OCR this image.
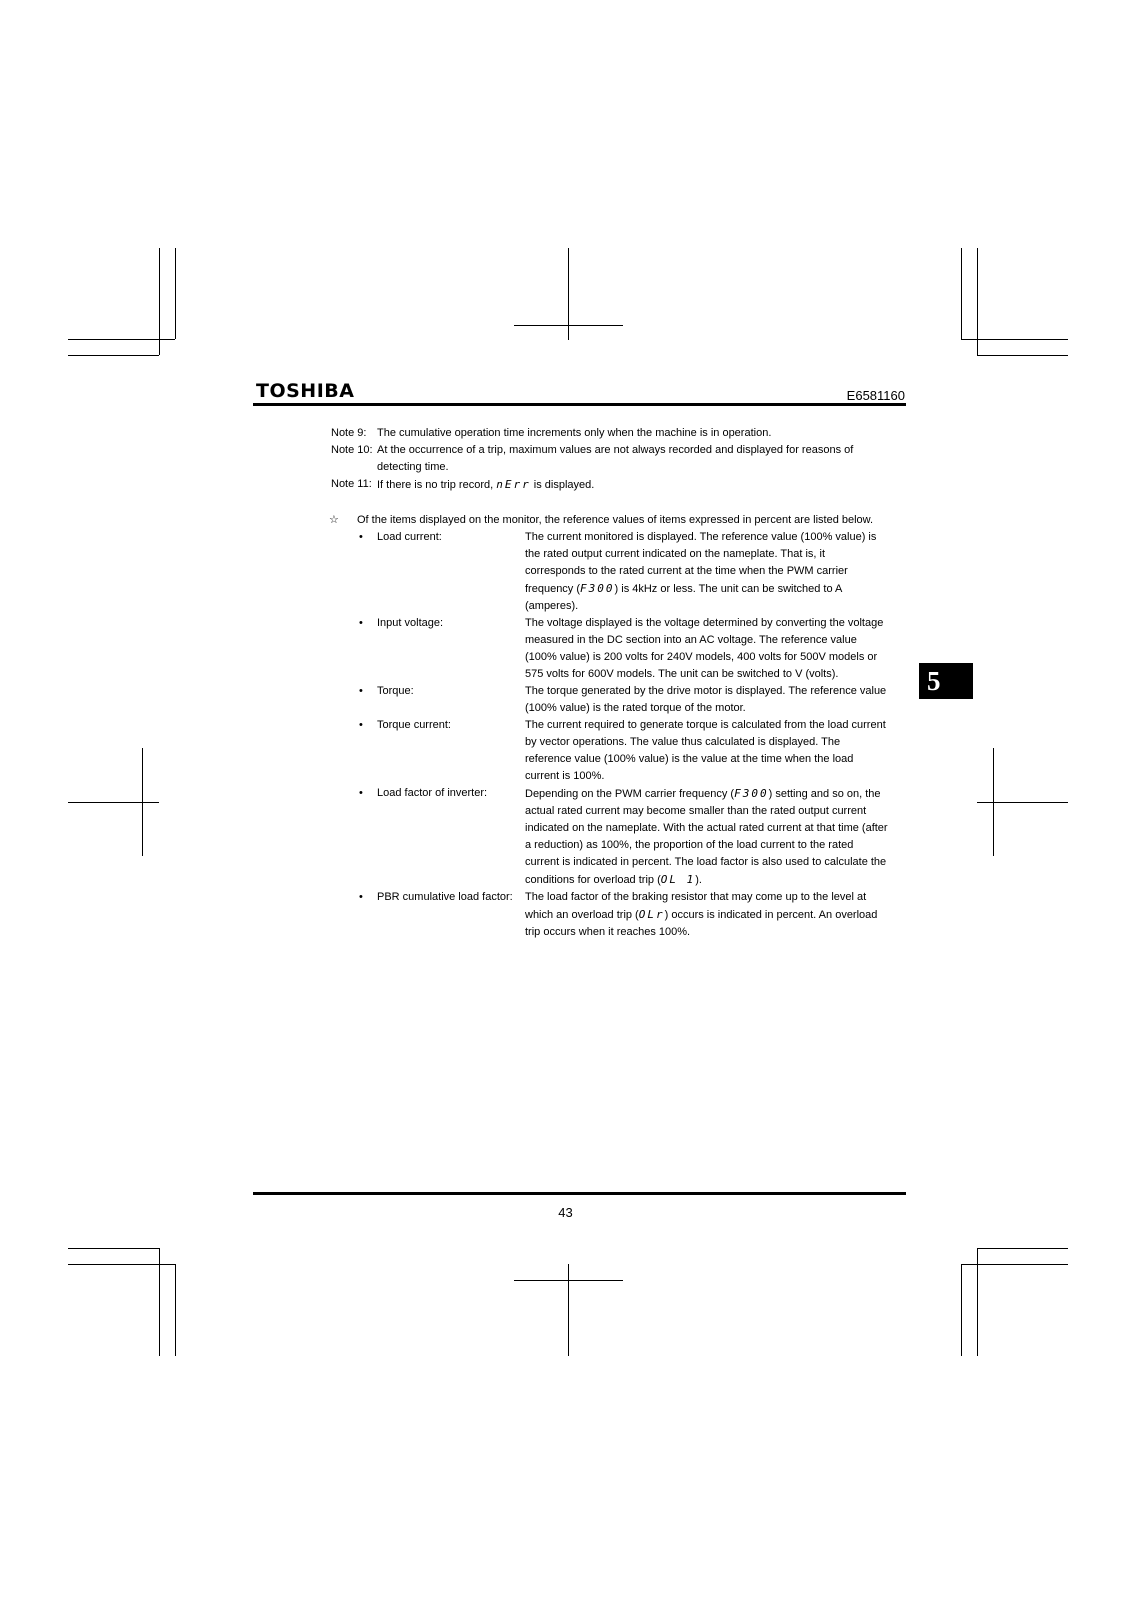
TOSHIBA	E6581160
Note 9: The cumulative operation time increments only when the machine is in operation.
Note 10: At the occurrence of a trip, maximum values are not always recorded and displayed for reasons of
detecting time.
Note 11: If there is no trip record, nErr is displayed.
☆	Of the items displayed on the monitor, the reference values of items expressed in percent are listed below.
•	Load current:	The current monitored is displayed. The reference value (100% value) is
the rated output current indicated on the nameplate. That is, it
corresponds to the rated current at the time when the PWM carrier
frequency (F300) is 4kHz or less. The unit can be switched to A
(amperes).
•	Input voltage:	The voltage displayed is the voltage determined by converting the voltage
measured in the DC section into an AC voltage. The reference value
(100% value) is 200 volts for 240V models, 400 volts for 500V models or
575 volts for 600V models. The unit can be switched to V (volts).
•	Torque:	The torque generated by the drive motor is displayed. The reference value
(100% value) is the rated torque of the motor.
•	Torque current:	The current required to generate torque is calculated from the load current
by vector operations. The value thus calculated is displayed. The
reference value (100% value) is the value at the time when the load
current is 100%.
•	Load factor of inverter:	Depending on the PWM carrier frequency (F300) setting and so on, the
actual rated current may become smaller than the rated output current
indicated on the nameplate. With the actual rated current at that time (after
a reduction) as 100%, the proportion of the load current to the rated
current is indicated in percent. The load factor is also used to calculate the
conditions for overload trip (OL 1).
•	PBR cumulative load factor:	The load factor of the braking resistor that may come up to the level at
which an overload trip (OLr) occurs is indicated in percent. An overload
trip occurs when it reaches 100%.
5
43
